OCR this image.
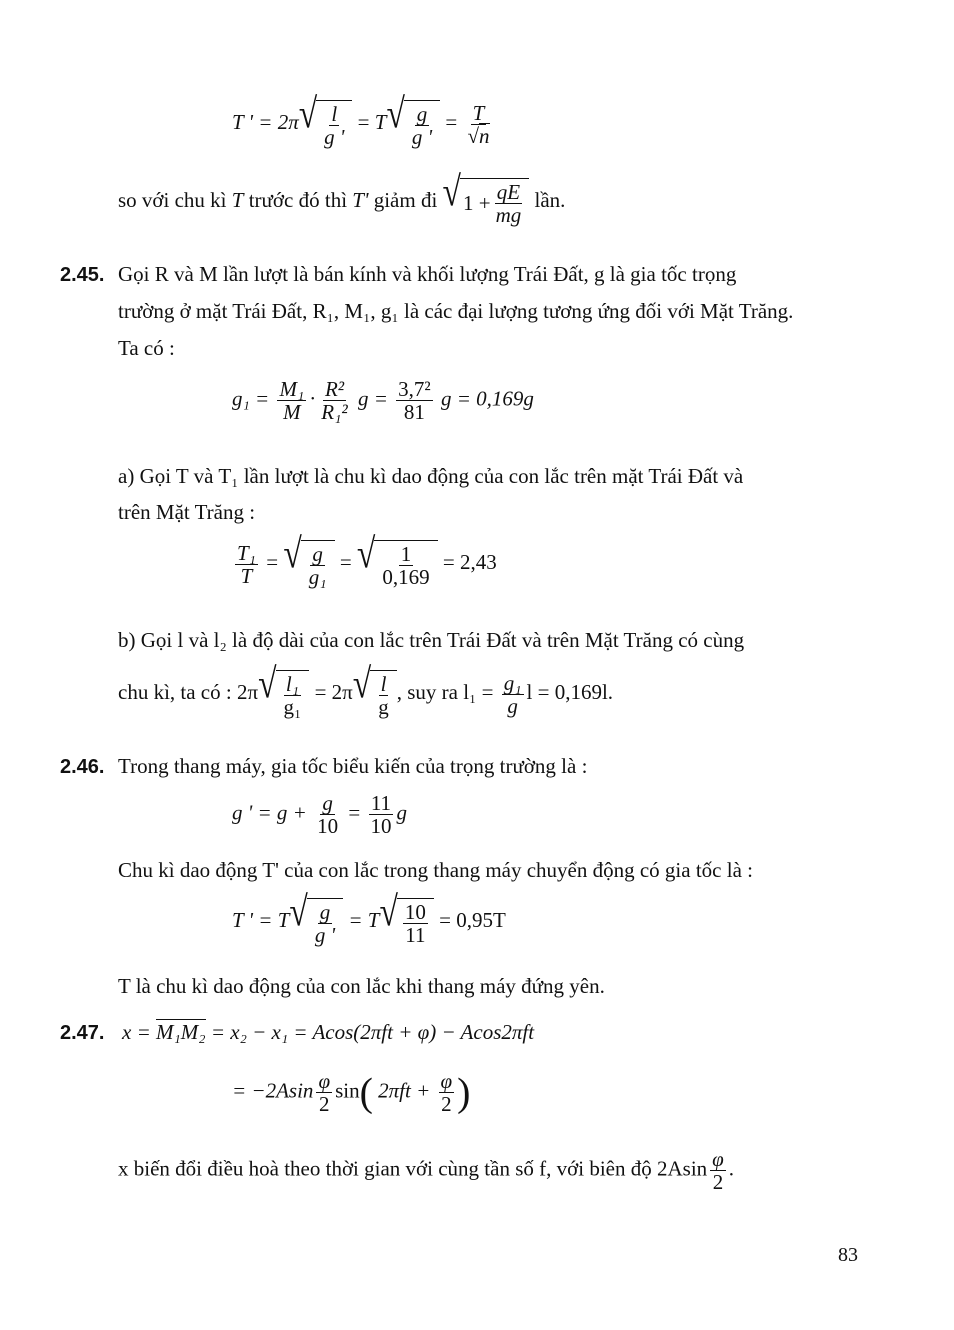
T ' = 2π √ $\frac{l}{g '} = T$ √ $\frac{g}{g '} = \frac{T}{√n}$
so với chu kì T trước đó thì T' giảm đi √ $1 + \frac{qE}{mg}$ lần.
2.45. Gọi R và M lần lượt là bán kính và khối lượng Trái Đất, g là gia tốc trọng
trường ở mặt Trái Đất, R₁, M₁, g₁ là các đại lượng tương ứng đối với Mặt Trăng.
Ta có :
$g_1 = \frac{\text{M₁}}{M} \cdot \frac{\text{R²}}{\text{R₁²}}$ $g = \frac{\text{3,7²}}{81}$ g = 0,169g
a) Gọi T và T₁ lần lượt là chu kì dao động của con lắc trên mặt Trái Đất và
trên Mặt Trăng :
$\frac{\text{T₁}}{T}$ = √ $\frac{g}{\text{g₁}}$ = √ $\frac{1}{0,169} = 2,43$
b) Gọi l và l₂ là độ dài của con lắc trên Trái Đất và trên Mặt Trăng có cùng
chu kì, ta có : 2π √ $\frac{\text{l₁}}{\text{g₁}} = 2\pi$ √ $\frac{l}{g}$ , suy ra $l_1 = \frac{\text{g₁}}{g}$ l = 0,169l.
2.46. Trong thang máy, gia tốc biểu kiến của trọng trường là :
g ' = $g + \frac{g}{10} = \frac{11}{10}$ g
Chu kì dao động T' của con lắc trong thang máy chuyển động có gia tốc là :
T ' = T √ $\frac{g}{g '} = T$ √ $\frac{10}{11} = 0,95T$
T là chu kì dao động của con lắc khi thang máy đứng yên.
2.47. x = M₁M₂ = x₂ − x₁ = Acos(2πft + φ) − Acos2πft
= $-2Asin \frac{\varphi}{2} \sin$( $2\pi ft + \frac{\varphi}{2}$ )
x biến đổi điều hoà theo thời gian với cùng tần số f, với biên độ $2Asin \frac{\varphi}{2}$ .
83
